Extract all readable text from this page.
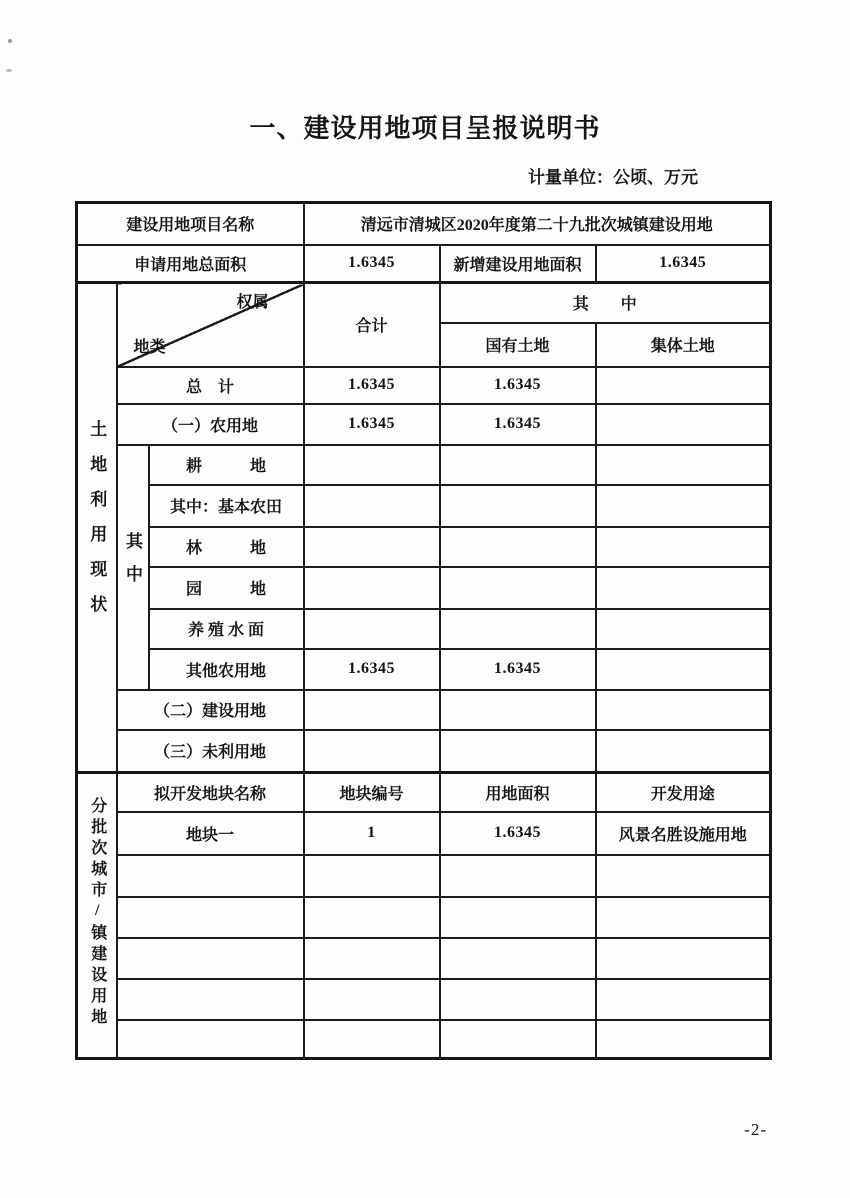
一、建设用地项目呈报说明书
计量单位：公顷、万元
建设用地项目名称			清远市清城区2020年度第二十九批次城镇建设用地		
申请用地总面积			1.6345	新增建设用地面积	1.6345
土地利用现状	权属
地类		合计	其　　中	
				国有土地	集体土地
	总　计		1.6345	1.6345	
	（一）农用地		1.6345	1.6345	
	其中	耕　　　地			
		其中：基本农田			
		林　　　地			
		园　　　地			
		养 殖 水 面			
		其他农用地	1.6345	1.6345	
	（二）建设用地				
	（三）未利用地				
分批次城市/镇建设用地	拟开发地块名称		地块编号	用地面积	开发用途
	地块一		1	1.6345	风景名胜设施用地

-2-
